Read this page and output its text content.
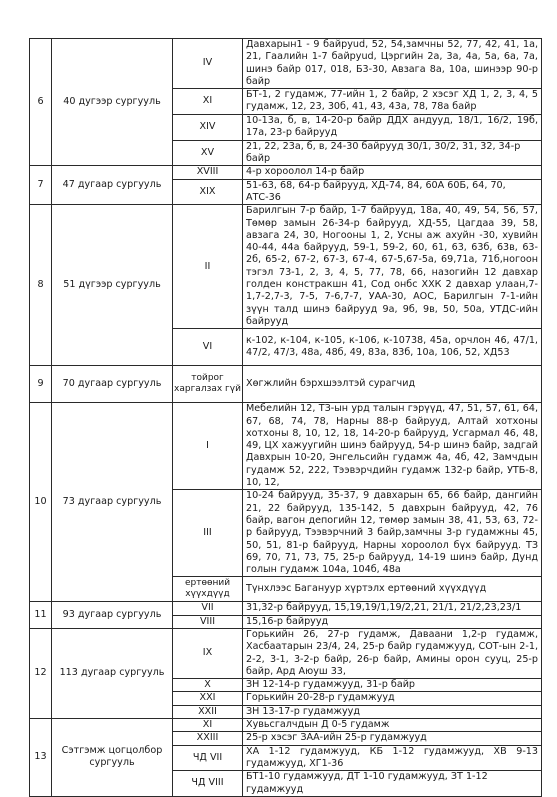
6	40 дугээр сургууль	IV	Давхарын1 - 9 байруud, 52, 54,замчны 52, 77, 42, 41, 1а, 21, Гаалийн 1-7 байруud, Цэргийн 2а, 3а, 4а, 5а, 6а, 7а, шинэ байр 017, 018, Б3-30, Авзага 8а, 10а, шинээр 90-р байр
		XI	БТ-1, 2 гудамж, 77-ийн 1, 2 байр, 2 хэсэг ХД 1, 2, 3, 4, 5 гудамж, 12, 23, 30б, 41, 43, 43а, 78, 78а байр
		XIV	10-13а, б, в, 14-20-р байр ДДХ андууд, 18/1, 16/2, 19б, 17а, 23-р байрууд
		XV	21, 22, 23а, б, в, 24-30 байрууд 30/1, 30/2, 31, 32, 34-р байр
7	47 дугаар сургууль	XVIII	4-р хороолол 14-р байр
		XIX	51-63, 68, 64-р байрууд, ХД-74, 84, 60А 60Б, 64, 70, АТС-36
8	51 дүгээр сургууль	II	Барилгын 7-р байр, 1-7 байрууд, 18а, 40, 49, 54, 56, 57, Төмөр замын 26-34-р байрууд, ХД-55, Цагдаа 39, 58, авзага 24, 30, Ногооны 1, 2, Усны аж ахуйн -30, хувийн 40-44, 44а байрууд, 59-1, 59-2, 60, 61, 63, 63б, 63в, 63-2б, 65-2, 67-2, 67-3, 67-4, 67-5,67-5а, 69,71а, 71б,ногоон тэгэл 73-1, 2, 3, 4, 5, 77, 78, 66, назогийн 12 давхар голден констракшн 41, Сод онбс ХХК 2 давхар улаан,7-1,7-2,7-3, 7-5, 7-6,7-7, УАА-30, АОС, Барилгын 7-1-ийн зүүн талд шинэ байрууд 9а, 9б, 9в, 50, 50а, УТДС-ийн байрууд
		VI	к-102, к-104, к-105, к-106, к-10738, 45а, орчлон 46, 47/1, 47/2, 47/3, 48а, 48б, 49, 83а, 83б, 10а, 106, 52, ХД53
9	70 дугаар сургууль	тойрог харгалзах гүй	Хөгжлийн бэрхшээлтэй сурагчид
10	73 дугаар сургууль	I	Мебелийн 12, ТЗ-ын урд талын гэрүүд, 47, 51, 57, 61, 64, 67, 68, 74, 78, Нарны 88-р байрууд, Алтай хотхоны хотхоны 8, 10, 12, 18, 14-20-р байрууд, Усгармал 46, 48, 49, ЦХ хажуугийн шинэ байрууд, 54-р шинэ байр, задгай Давхрын 10-20, Энгельсийн гудамж 4а, 4б, 42, Замчдын гудамж 52, 222, Тээвэрчдийн гудамж 132-р байр, УТБ-8, 10, 12,
		III	10-24 байрууд, 35-37, 9 давхарын 65, 66 байр, дангийн 21, 22 байрууд, 135-142, 5 давхрын байрууд, 42, 76 байр, вагон депогийн 12, төмөр замын 38, 41, 53, 63, 72-р байрууд, Тээвэрчний 3 байр,замчны 3-р гудамжны 45, 50, 51, 81-р байрууд, Нарны хороолол бүх байрууд. ТЗ 69, 70, 71, 73, 75, 25-р байрууд, 14-19 шинэ байр, Дунд голын гудамж 104а, 104б, 48а
		ертөөний хүүхдүүд	Түнхлээс Багануур хүртэлх ертөөний хүүхдүүд
11	93 дугаар сургууль	VII	31,32-р байрууд, 15,19,19/1,19/2,21, 21/1, 21/2,23,23/1
		VIII	15,16-р байрууд
12	113 дугаар сургууль	IX	Горькийн 26, 27-р гудамж, Даваани 1,2-р гудамж, Хасбаатарын 23/4, 24, 25-р байр гудамжууд, СОТ-ын 2-1, 2-2, 3-1, 3-2-р байр, 26-р байр, Амины орон сууц, 25-р байр, Ард Аюуш 33,
		X	ЗН 12-14-р гудамжууд, 31-р байр
		XXI	Горькийн 20-28-р гудамжууд
		XXII	ЗН 13-17-р гудамжууд
13	Сэтгэмж цогцолбор сургууль	XI	Хувьсгалчдын Д 0-5 гудамж
		XXIII	25-р хэсэг ЗАА-ийн 25-р гудамжууд
		ЧД VII	ХА 1-12 гудамжууд, КБ 1-12 гудамжууд, ХВ 9-13 гудамжууд, ХГ1-36
		ЧД VIII	БТ1-10 гудамжууд, ДТ 1-10 гудамжууд, ЗТ 1-12 гудамжууд
